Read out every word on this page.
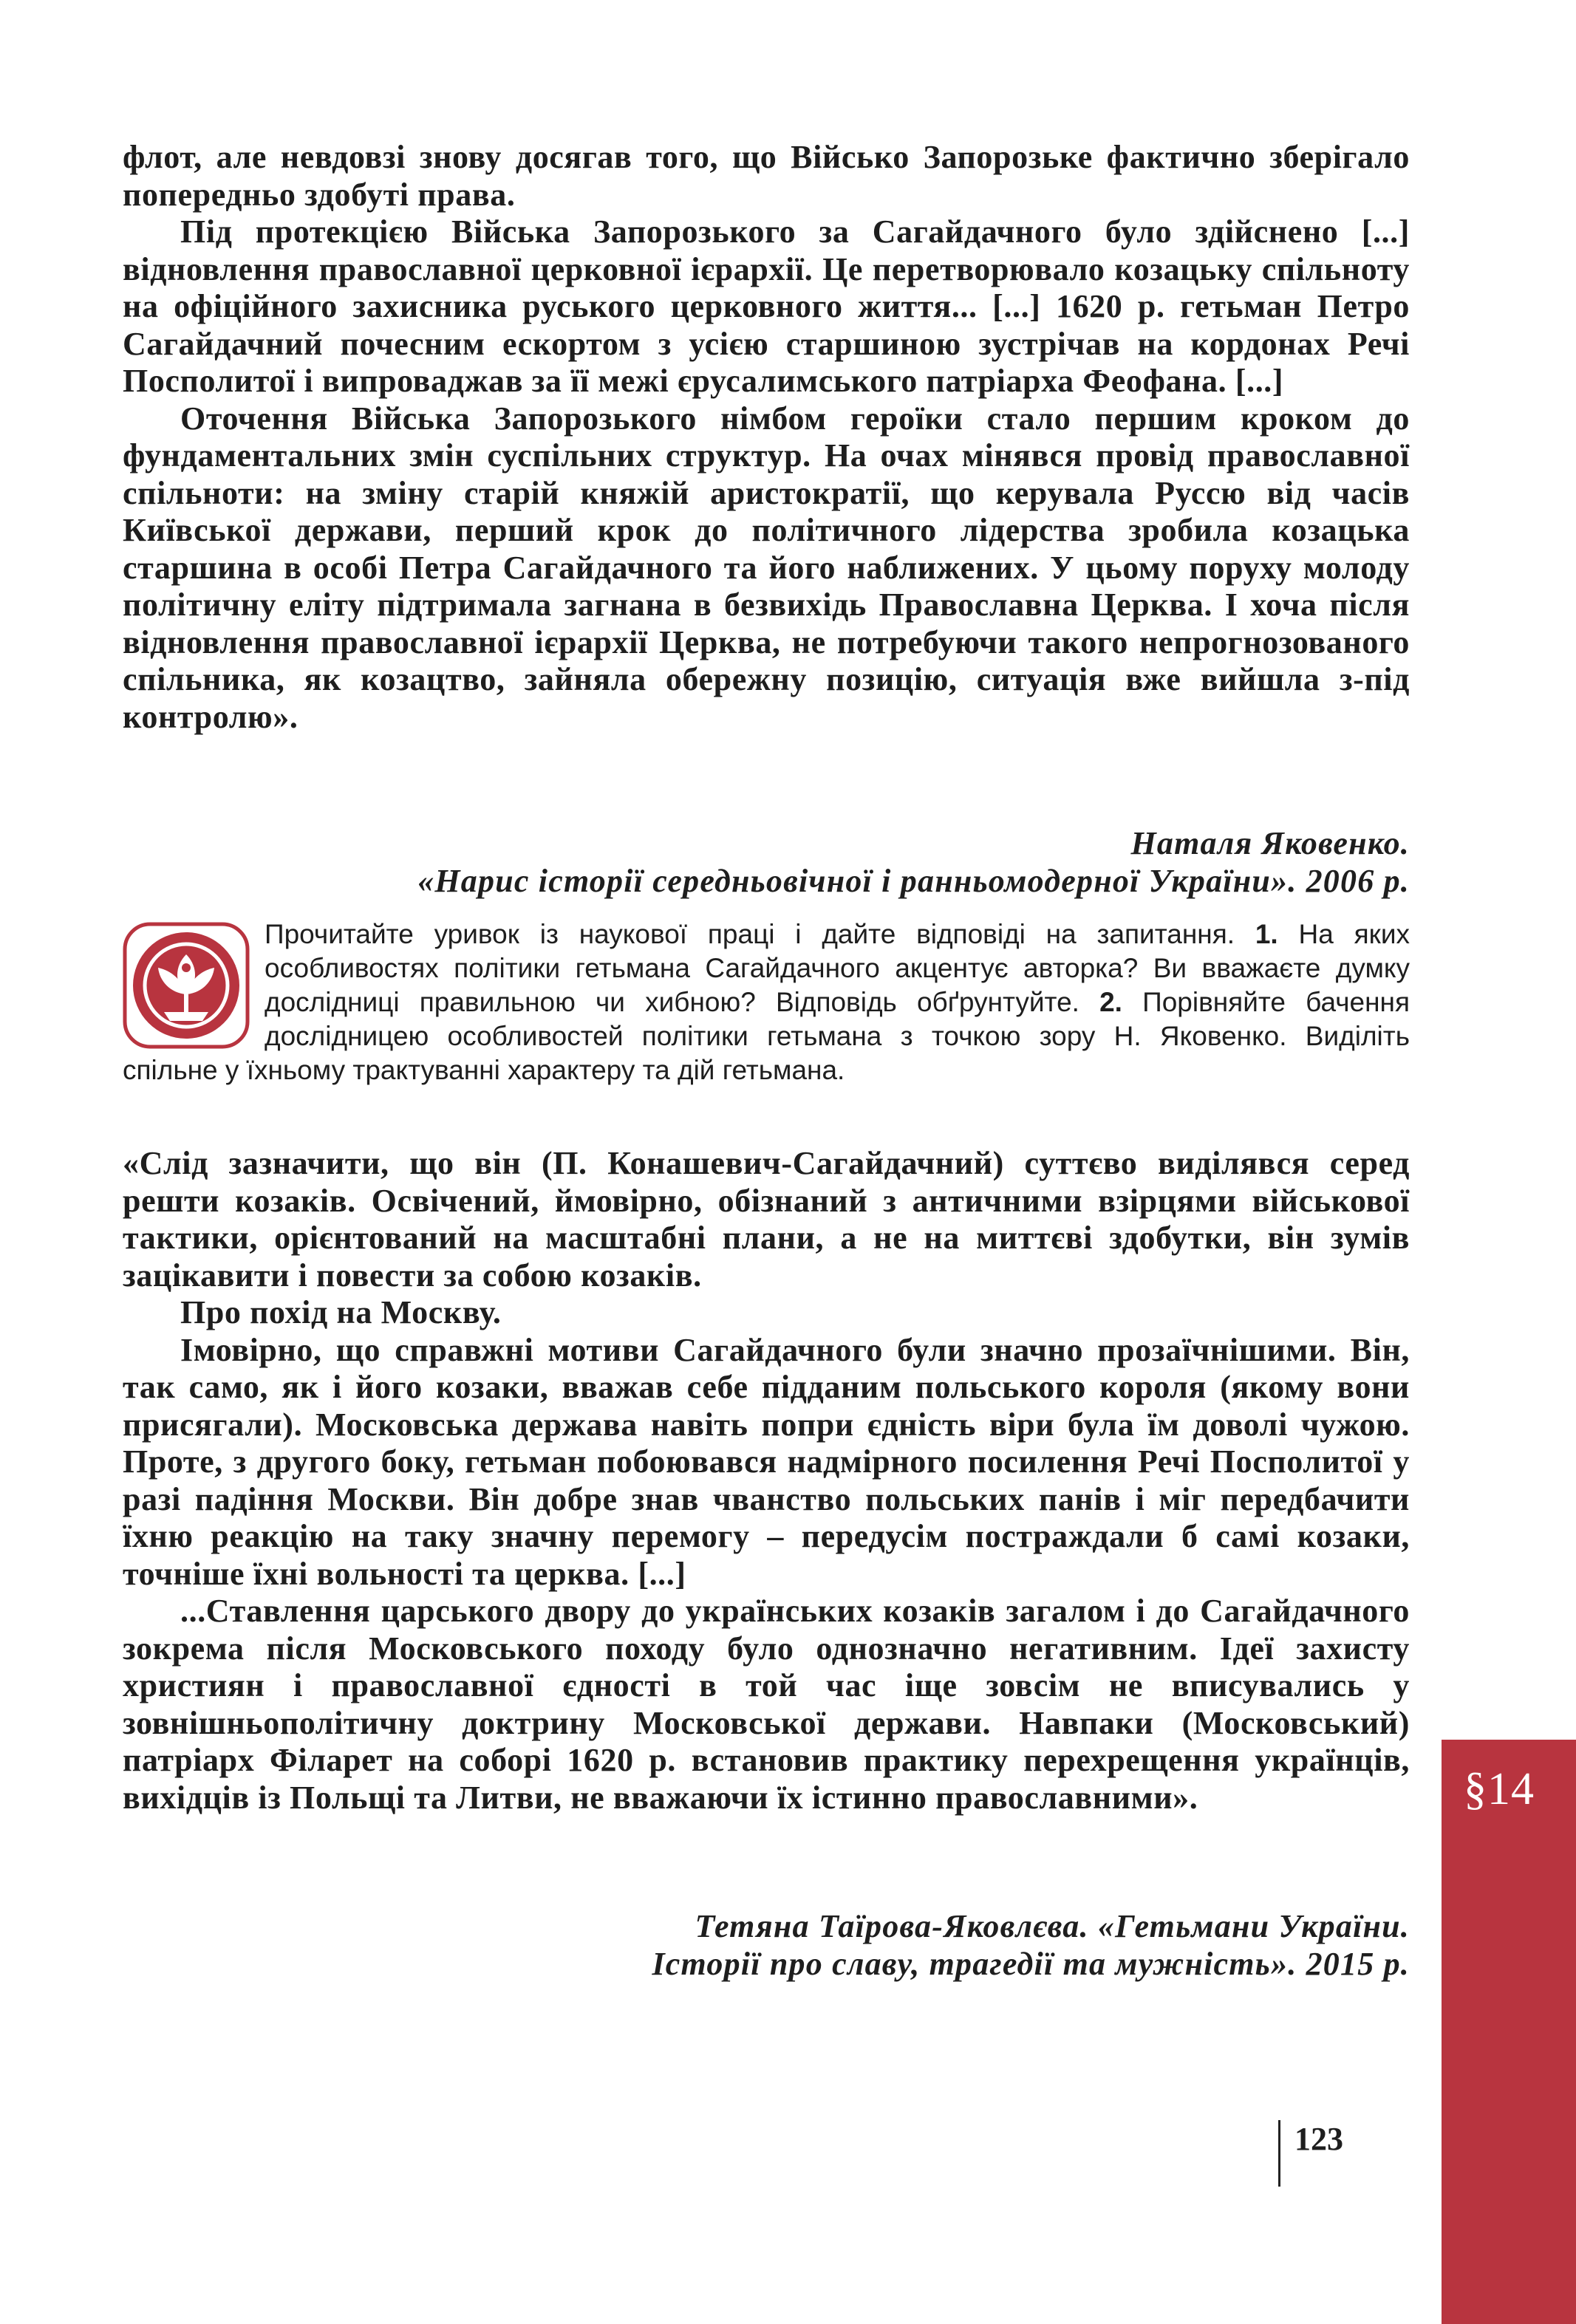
флот, але невдовзі знову досягав того, що Військо Запорозьке фактично зберігало попередньо здобуті права.

Під протекцією Війська Запорозького за Сагайдачного було здійснено [...] відновлення православної церковної ієрархії. Це перетворювало козацьку спільноту на офіційного захисника руського церковного життя... [...] 1620 р. гетьман Петро Сагайдачний почесним ескортом з усією старшиною зустрічав на кордонах Речі Посполитої і випроваджав за її межі єрусалимського патріарха Феофана. [...]

Оточення Війська Запорозького німбом героїки стало першим кроком до фундаментальних змін суспільних структур. На очах мінявся провід православної спільноти: на зміну старій княжій аристократії, що керувала Руссю від часів Київської держави, перший крок до політичного лідерства зробила козацька старшина в особі Петра Сагайдачного та його наближених. У цьому поруху молоду політичну еліту підтримала загнана в безвихідь Православна Церква. І хоча після відновлення православної ієрархії Церква, не потребуючи такого непрогнозованого спільника, як козацтво, зайняла обережну позицію, ситуація вже вийшла з-під контролю».

Наталя Яковенко.
«Нарис історії середньовічної і ранньомодерної України». 2006 р.
Прочитайте уривок із наукової праці і дайте відповіді на запитання. 1. На яких особливостях політики гетьмана Сагайдачного акцентує авторка? Ви вважаєте думку дослідниці правильною чи хибною? Відповідь обґрунтуйте. 2. Порівняйте бачення дослідницею особливостей політики гетьмана з точкою зору Н. Яковенко. Виділіть спільне у їхньому трактуванні характеру та дій гетьмана.

«Слід зазначити, що він (П. Конашевич-Сагайдачний) суттєво виділявся серед решти козаків. Освічений, ймовірно, обізнаний з античними взірцями військової тактики, орієнтований на масштабні плани, а не на миттєві здобутки, він зумів зацікавити і повести за собою козаків.

Про похід на Москву.

Імовірно, що справжні мотиви Сагайдачного були значно прозаїчнішими. Він, так само, як і його козаки, вважав себе підданим польського короля (якому вони присягали). Московська держава навіть попри єдність віри була їм доволі чужою. Проте, з другого боку, гетьман побоювався надмірного посилення Речі Посполитої у разі падіння Москви. Він добре знав чванство польських панів і міг передбачити їхню реакцію на таку значну перемогу – передусім постраждали б самі козаки, точніше їхні вольності та церква. [...]

...Ставлення царського двору до українських козаків загалом і до Сагайдачного зокрема після Московського походу було однозначно негативним. Ідеї захисту християн і православної єдності в той час іще зовсім не вписувались у зовнішньополітичну доктрину Московської держави. Навпаки (Московський) патріарх Філарет на соборі 1620 р. встановив практику перехрещення українців, вихідців із Польщі та Литви, не вважаючи їх істинно православними».

Тетяна Таїрова-Яковлєва. «Гетьмани України.
Історії про славу, трагедії та мужність». 2015 р.
§14
123
